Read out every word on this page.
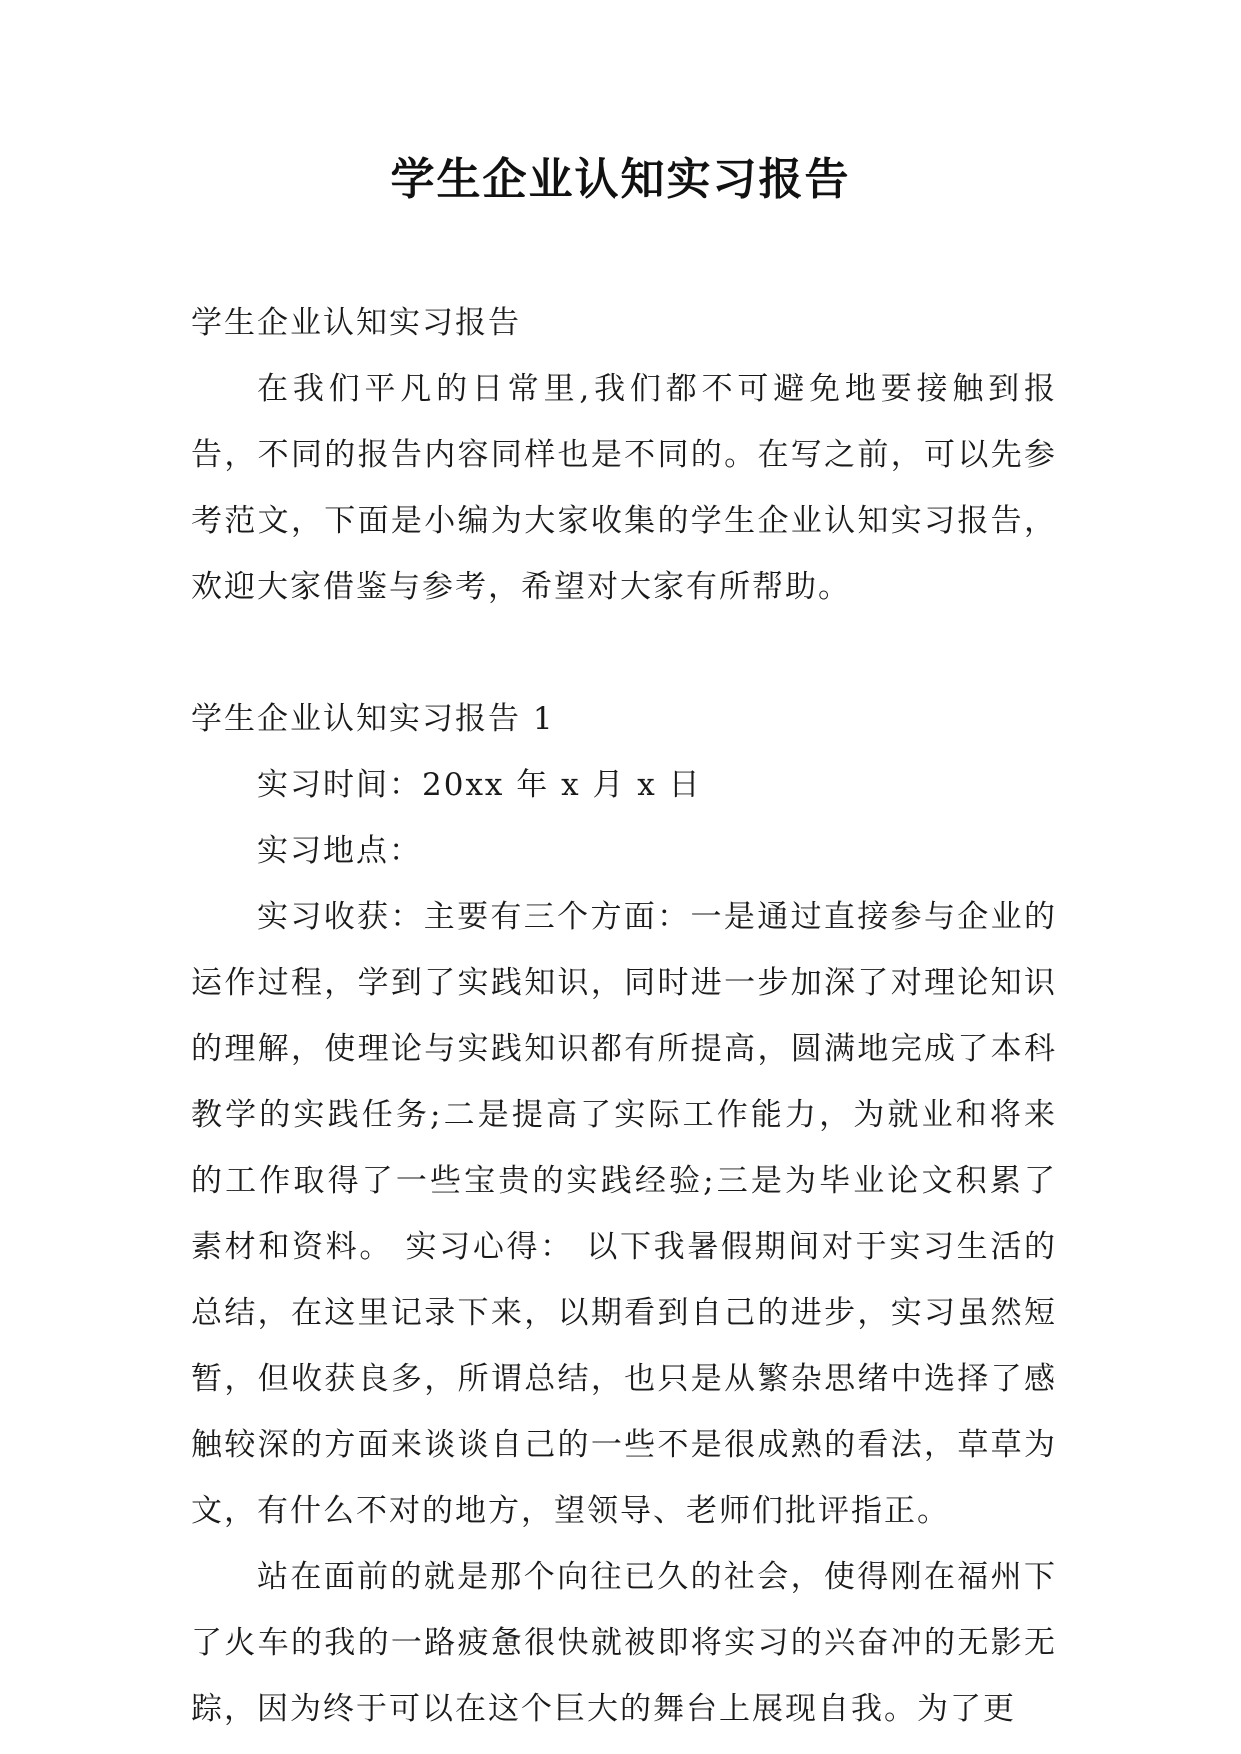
学生企业认知实习报告

学生企业认知实习报告

在我们平凡的日常里,我们都不可避免地要接触到报告，不同的报告内容同样也是不同的。在写之前，可以先参考范文，下面是小编为大家收集的学生企业认知实习报告，欢迎大家借鉴与参考，希望对大家有所帮助。

学生企业认知实习报告 1

实习时间：20xx 年 x 月 x 日

实习地点：

实习收获：主要有三个方面：一是通过直接参与企业的运作过程，学到了实践知识，同时进一步加深了对理论知识的理解，使理论与实践知识都有所提高，圆满地完成了本科教学的实践任务;二是提高了实际工作能力，为就业和将来的工作取得了一些宝贵的实践经验;三是为毕业论文积累了素材和资料。 实习心得： 以下我暑假期间对于实习生活的总结，在这里记录下来，以期看到自己的进步，实习虽然短暂，但收获良多，所谓总结，也只是从繁杂思绪中选择了感触较深的方面来谈谈自己的一些不是很成熟的看法，草草为文，有什么不对的地方，望领导、老师们批评指正。

站在面前的就是那个向往已久的社会，使得刚在福州下了火车的我的一路疲惫很快就被即将实习的兴奋冲的无影无踪，因为终于可以在这个巨大的舞台上展现自我。为了更
